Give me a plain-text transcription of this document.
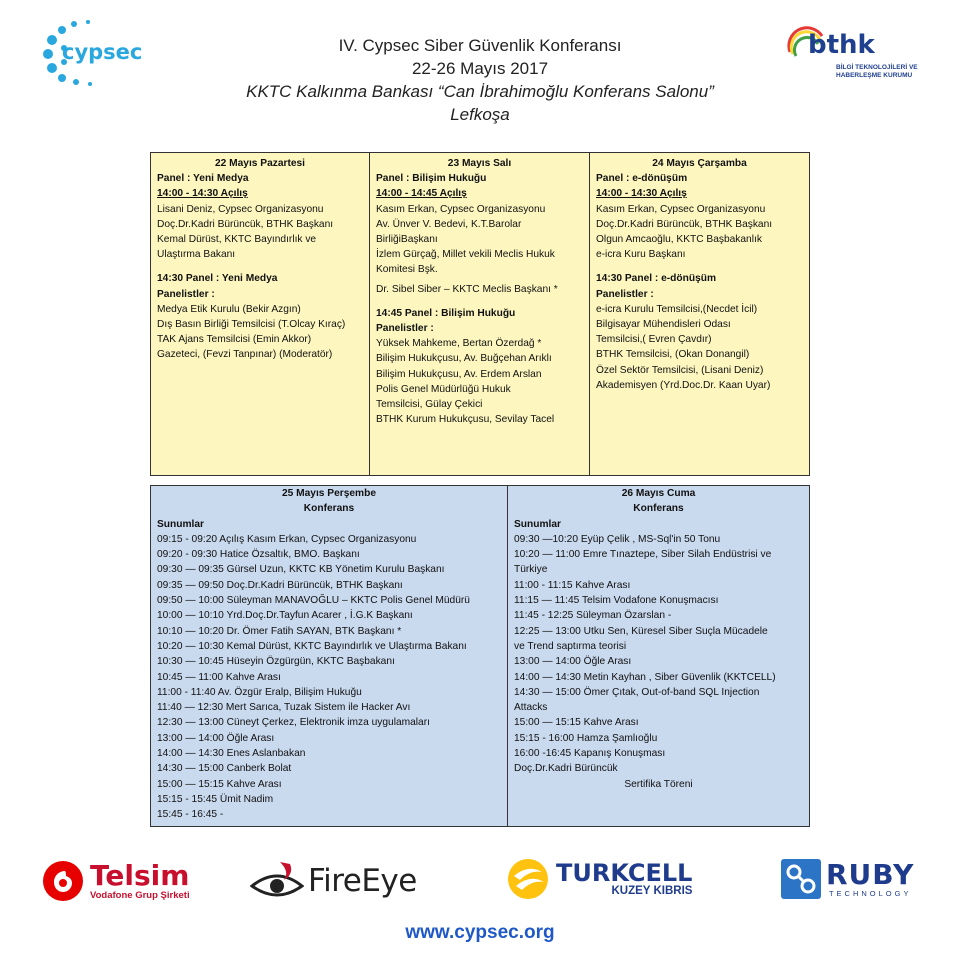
cypsec	bthk
BİLGİ TEKNOLOJİLERİ VE
HABERLEŞME KURUMU
IV. Cypsec Siber Güvenlik Konferansı
22-26 Mayıs 2017
KKTC Kalkınma Bankası “Can İbrahimoğlu Konferans Salonu”
Lefkoşa
22 Mayıs Pazartesi
Panel : Yeni Medya
14:00 - 14:30 Açılış
Lisani Deniz, Cypsec Organizasyonu
Doç.Dr.Kadri Bürüncük, BTHK Başkanı
Kemal Dürüst, KKTC Bayındırlık ve
Ulaştırma Bakanı
14:30 Panel : Yeni Medya
Panelistler :
Medya Etik Kurulu (Bekir Azgın)
Dış Basın Birliği Temsilcisi (T.Olcay Kıraç)
TAK Ajans Temsilcisi (Emin Akkor)
Gazeteci, (Fevzi Tanpınar) (Moderatör)
23 Mayıs Salı
Panel : Bilişim Hukuğu
14:00 - 14:45 Açılış
Kasım Erkan, Cypsec Organizasyonu
Av. Ünver V. Bedevi, K.T.Barolar
BirliğiBaşkanı
İzlem Gürçağ, Millet vekili Meclis Hukuk
Komitesi Bşk.
Dr. Sibel Siber – KKTC Meclis Başkanı *
14:45 Panel : Bilişim Hukuğu
Panelistler :
Yüksek Mahkeme, Bertan Özerdağ *
Bilişim Hukukçusu, Av. Buğçehan Arıklı
Bilişim Hukukçusu, Av. Erdem Arslan
Polis Genel Müdürlüğü Hukuk
Temsilcisi, Gülay Çekici
BTHK Kurum Hukukçusu, Sevilay Tacel
24 Mayıs Çarşamba
Panel : e-dönüşüm
14:00 - 14:30 Açılış
Kasım Erkan, Cypsec Organizasyonu
Doç.Dr.Kadri Bürüncük, BTHK Başkanı
Olgun Amcaoğlu, KKTC Başbakanlık
e-icra Kuru Başkanı
14:30 Panel : e-dönüşüm
Panelistler :
e-icra Kurulu Temsilcisi,(Necdet İcil)
Bilgisayar Mühendisleri Odası
Temsilcisi,( Evren Çavdır)
BTHK Temsilcisi, (Okan Donangil)
Özel Sektör Temsilcisi, (Lisani Deniz)
Akademisyen (Yrd.Doc.Dr. Kaan Uyar)
25 Mayıs Perşembe
Konferans
Sunumlar
09:15 - 09:20 Açılış Kasım Erkan, Cypsec Organizasyonu
09:20 - 09:30 Hatice Özsaltık, BMO. Başkanı
09:30 — 09:35 Gürsel Uzun, KKTC KB Yönetim Kurulu Başkanı
09:35 — 09:50 Doç.Dr.Kadri Bürüncük, BTHK Başkanı
09:50 — 10:00 Süleyman MANAVOĞLU – KKTC Polis Genel Müdürü
10:00 — 10:10 Yrd.Doç.Dr.Tayfun Acarer , İ.G.K Başkanı
10:10 — 10:20 Dr. Ömer Fatih SAYAN, BTK Başkanı *
10:20 — 10:30 Kemal Dürüst, KKTC Bayındırlık ve Ulaştırma Bakanı
10:30 — 10:45 Hüseyin Özgürgün, KKTC Başbakanı
10:45 — 11:00 Kahve Arası
11:00 - 11:40 Av. Özgür Eralp, Bilişim Hukuğu
11:40 — 12:30 Mert Sarıca, Tuzak Sistem ile Hacker Avı
12:30 — 13:00 Cüneyt Çerkez, Elektronik imza uygulamaları
13:00 — 14:00 Öğle Arası
14:00 — 14:30 Enes Aslanbakan
14:30 — 15:00 Canberk Bolat
15:00 — 15:15 Kahve Arası
15:15 - 15:45 Ümit Nadim
15:45 - 16:45 -
26 Mayıs Cuma
Konferans
Sunumlar
09:30 —10:20 Eyüp Çelik , MS-Sql'in 50 Tonu
10:20 — 11:00 Emre Tınaztepe, Siber Silah Endüstrisi ve
Türkiye
11:00 - 11:15 Kahve Arası
11:15 — 11:45 Telsim Vodafone Konuşmacısı
11:45 - 12:25 Süleyman Özarslan -
12:25 — 13:00 Utku Sen, Küresel Siber Suçla Mücadele
ve Trend saptırma teorisi
13:00 — 14:00 Öğle Arası
14:00 — 14:30 Metin Kayhan , Siber Güvenlik (KKTCELL)
14:30 — 15:00 Ömer Çıtak, Out-of-band SQL Injection
Attacks
15:00 — 15:15 Kahve Arası
15:15 - 16:00 Hamza Şamlıoğlu
16:00 -16:45 Kapanış Konuşması
Doç.Dr.Kadri Bürüncük
Sertifika Töreni
Telsim
Vodafone Grup Şirketi	FireEye	TURKCELL
KUZEY KIBRIS
RUBY
TECHNOLOGY
www.cypsec.org
